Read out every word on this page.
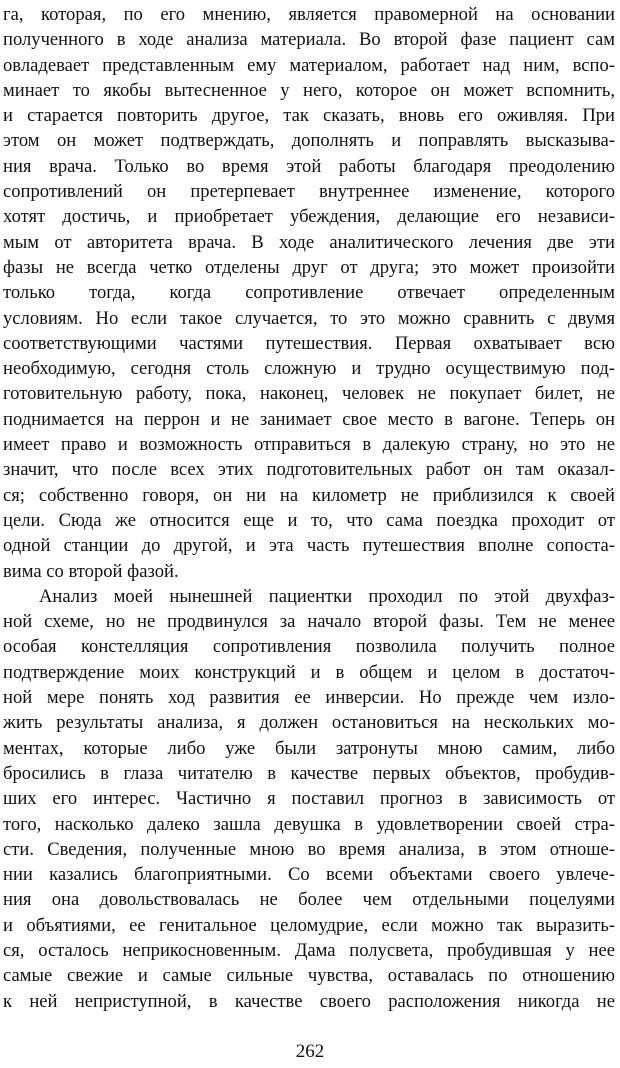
га, которая, по его мнению, является правомерной на основании
полученного в ходе анализа материала. Во второй фазе пациент сам
овладевает представленным ему материалом, работает над ним, вспо-
минает то якобы вытесненное у него, которое он может вспомнить,
и старается повторить другое, так сказать, вновь его оживляя. При
этом он может подтверждать, дополнять и поправлять высказыва-
ния врача. Только во время этой работы благодаря преодолению
сопротивлений он претерпевает внутреннее изменение, которого
хотят достичь, и приобретает убеждения, делающие его независи-
мым от авторитета врача. В ходе аналитического лечения две эти
фазы не всегда четко отделены друг от друга; это может произойти
только тогда, когда сопротивление отвечает определенным
условиям. Но если такое случается, то это можно сравнить с двумя
соответствующими частями путешествия. Первая охватывает всю
необходимую, сегодня столь сложную и трудно осуществимую под-
готовительную работу, пока, наконец, человек не покупает билет, не
поднимается на перрон и не занимает свое место в вагоне. Теперь он
имеет право и возможность отправиться в далекую страну, но это не
значит, что после всех этих подготовительных работ он там оказал-
ся; собственно говоря, он ни на километр не приблизился к своей
цели. Сюда же относится еще и то, что сама поездка проходит от
одной станции до другой, и эта часть путешествия вполне сопоста-
вима со второй фазой.
Анализ моей нынешней пациентки проходил по этой двухфаз-
ной схеме, но не продвинулся за начало второй фазы. Тем не менее
особая констелляция сопротивления позволила получить полное
подтверждение моих конструкций и в общем и целом в достаточ-
ной мере понять ход развития ее инверсии. Но прежде чем изло-
жить результаты анализа, я должен остановиться на нескольких мо-
ментах, которые либо уже были затронуты мною самим, либо
бросились в глаза читателю в качестве первых объектов, пробудив-
ших его интерес. Частично я поставил прогноз в зависимость от
того, насколько далеко зашла девушка в удовлетворении своей стра-
сти. Сведения, полученные мною во время анализа, в этом отноше-
нии казались благоприятными. Со всеми объектами своего увлече-
ния она довольствовалась не более чем отдельными поцелуями
и объятиями, ее генитальное целомудрие, если можно так выразить-
ся, осталось неприкосновенным. Дама полусвета, пробудившая у нее
самые свежие и самые сильные чувства, оставалась по отношению
к ней неприступной, в качестве своего расположения никогда не
262
